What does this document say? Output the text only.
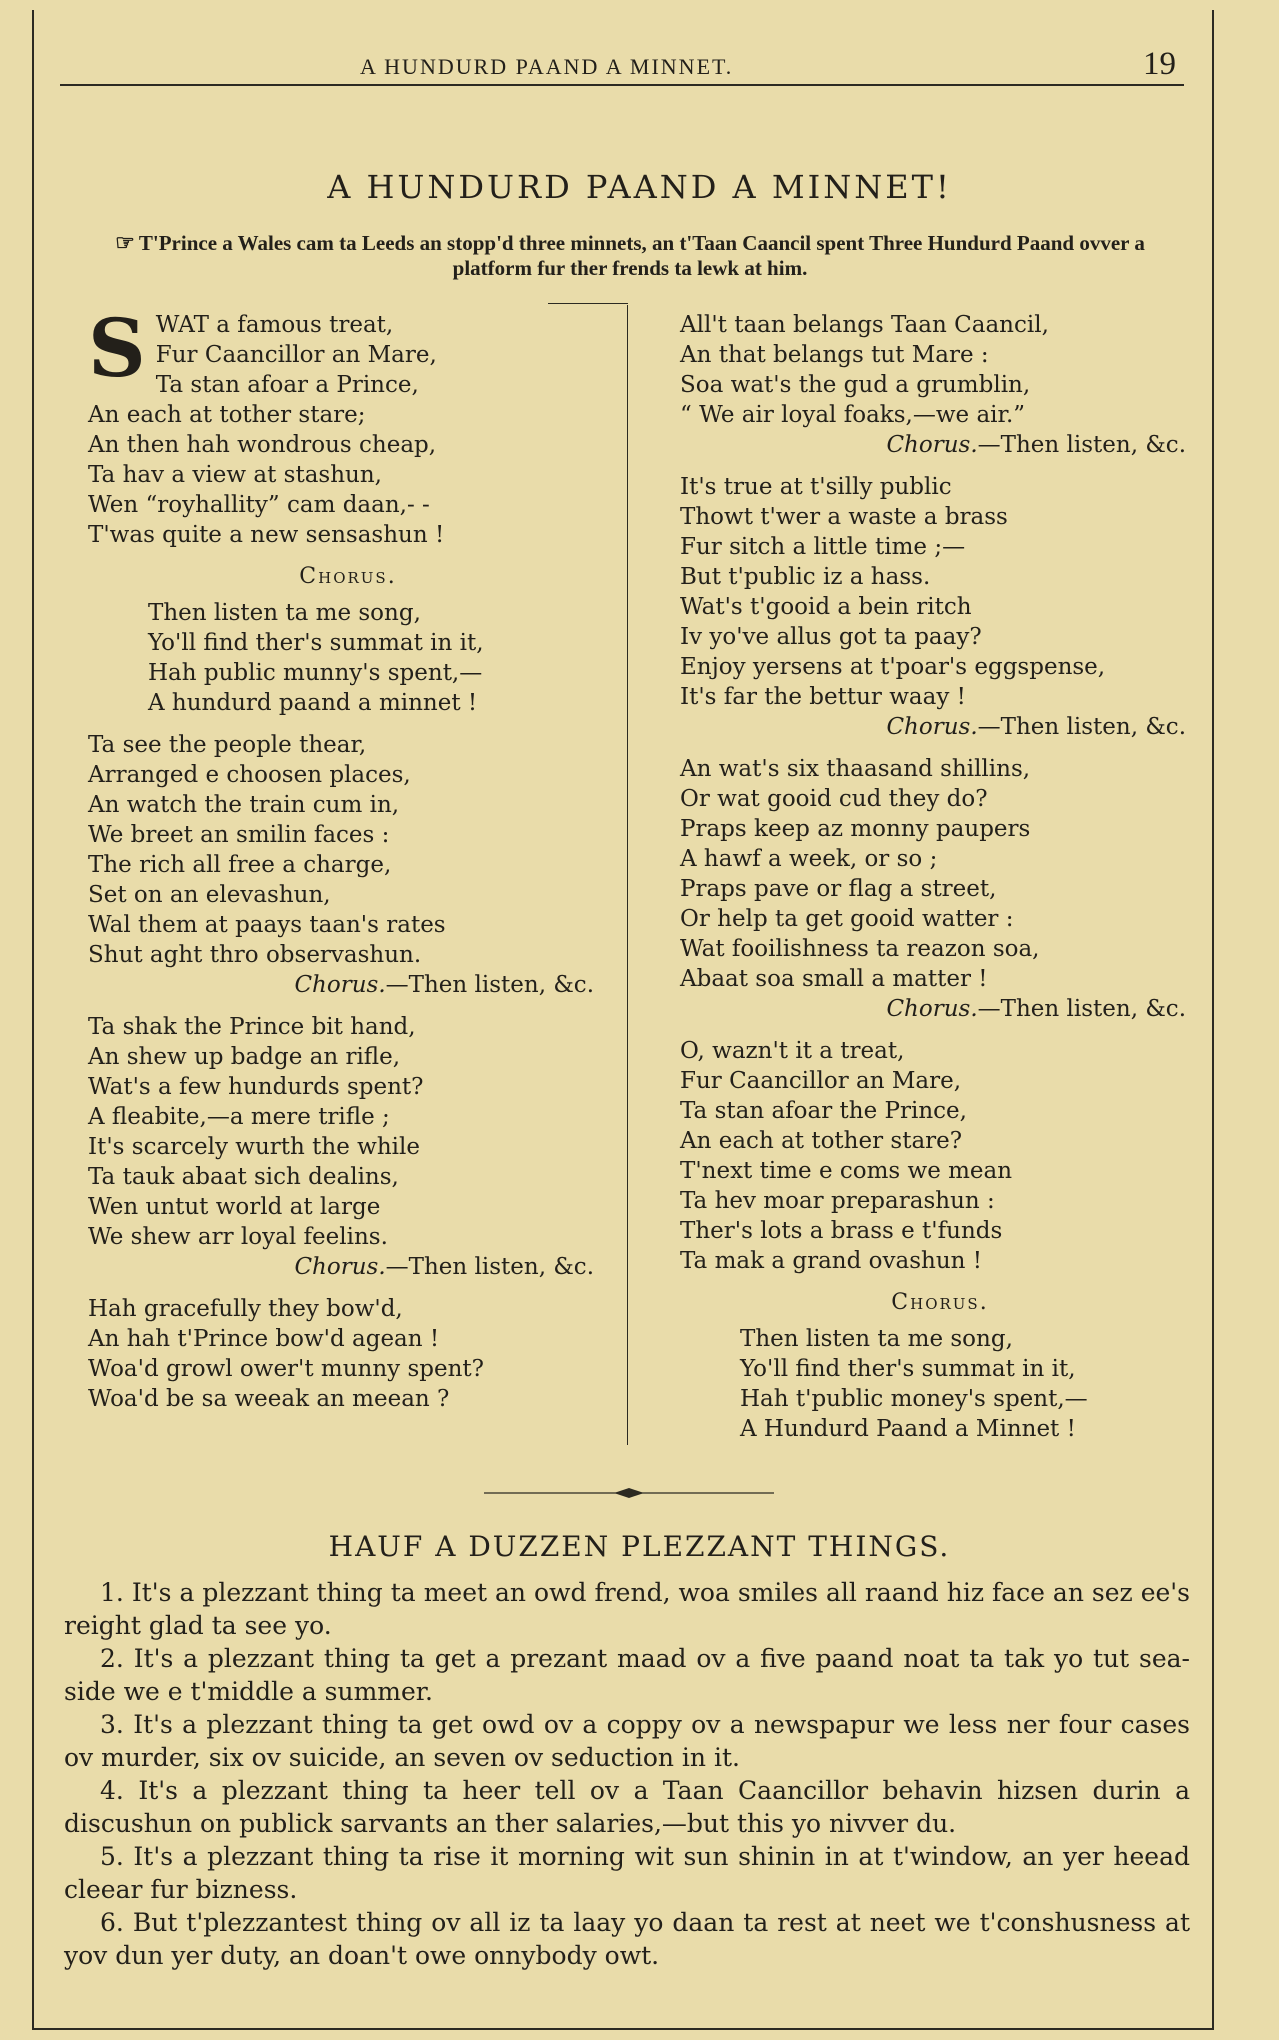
A HUNDURD PAAND A MINNET.	19
A HUNDURD PAAND A MINNET!
☞ T'Prince a Wales cam ta Leeds an stopp'd three minnets, an t'Taan Caancil spent Three Hundurd Paand ovver a platform fur ther frends ta lewk at him.
S WAT a famous treat,
Fur Caancillor an Mare,
Ta stan afoar a Prince,
An each at tother stare;
An then hah wondrous cheap,
Ta hav a view at stashun,
Wen “royhallity” cam daan,- -
T'was quite a new sensashun !
Chorus.
Then listen ta me song,
Yo'll find ther's summat in it,
Hah public munny's spent,—
A hundurd paand a minnet !
Ta see the people thear,
Arranged e choosen places,
An watch the train cum in,
We breet an smilin faces :
The rich all free a charge,
Set on an elevashun,
Wal them at paays taan's rates
Shut aght thro observashun.
Chorus.—Then listen, &c.
Ta shak the Prince bit hand,
An shew up badge an rifle,
Wat's a few hundurds spent?
A fleabite,—a mere trifle ;
It's scarcely wurth the while
Ta tauk abaat sich dealins,
Wen untut world at large
We shew arr loyal feelins.
Chorus.—Then listen, &c.
Hah gracefully they bow'd,
An hah t'Prince bow'd agean !
Woa'd growl ower't munny spent?
Woa'd be sa weeak an meean ?
All't taan belangs Taan Caancil,
An that belangs tut Mare :
Soa wat's the gud a grumblin,
“ We air loyal foaks,—we air.”
Chorus.—Then listen, &c.
It's true at t'silly public
Thowt t'wer a waste a brass
Fur sitch a little time ;—
But t'public iz a hass.
Wat's t'gooid a bein ritch
Iv yo've allus got ta paay?
Enjoy yersens at t'poar's eggspense,
It's far the bettur waay !
Chorus.—Then listen, &c.
An wat's six thaasand shillins,
Or wat gooid cud they do?
Praps keep az monny paupers
A hawf a week, or so ;
Praps pave or flag a street,
Or help ta get gooid watter :
Wat fooilishness ta reazon soa,
Abaat soa small a matter !
Chorus.—Then listen, &c.
O, wazn't it a treat,
Fur Caancillor an Mare,
Ta stan afoar the Prince,
An each at tother stare?
T'next time e coms we mean
Ta hev moar preparashun :
Ther's lots a brass e t'funds
Ta mak a grand ovashun !
Chorus.
Then listen ta me song,
Yo'll find ther's summat in it,
Hah t'public money's spent,—
A Hundurd Paand a Minnet !
HAUF A DUZZEN PLEZZANT THINGS.

1. It's a plezzant thing ta meet an owd frend, woa smiles all raand hiz face an sez ee's reight glad ta see yo.

2. It's a plezzant thing ta get a prezant maad ov a five paand noat ta tak yo tut sea-side we e t'middle a summer.

3. It's a plezzant thing ta get owd ov a coppy ov a newspapur we less ner four cases ov murder, six ov suicide, an seven ov seduction in it.

4. It's a plezzant thing ta heer tell ov a Taan Caancillor behavin hizsen durin a discushun on publick sarvants an ther salaries,—but this yo nivver du.

5. It's a plezzant thing ta rise it morning wit sun shinin in at t'window, an yer heead cleear fur bizness.

6. But t'plezzantest thing ov all iz ta laay yo daan ta rest at neet we t'conshusness at yov dun yer duty, an doan't owe onnybody owt.
